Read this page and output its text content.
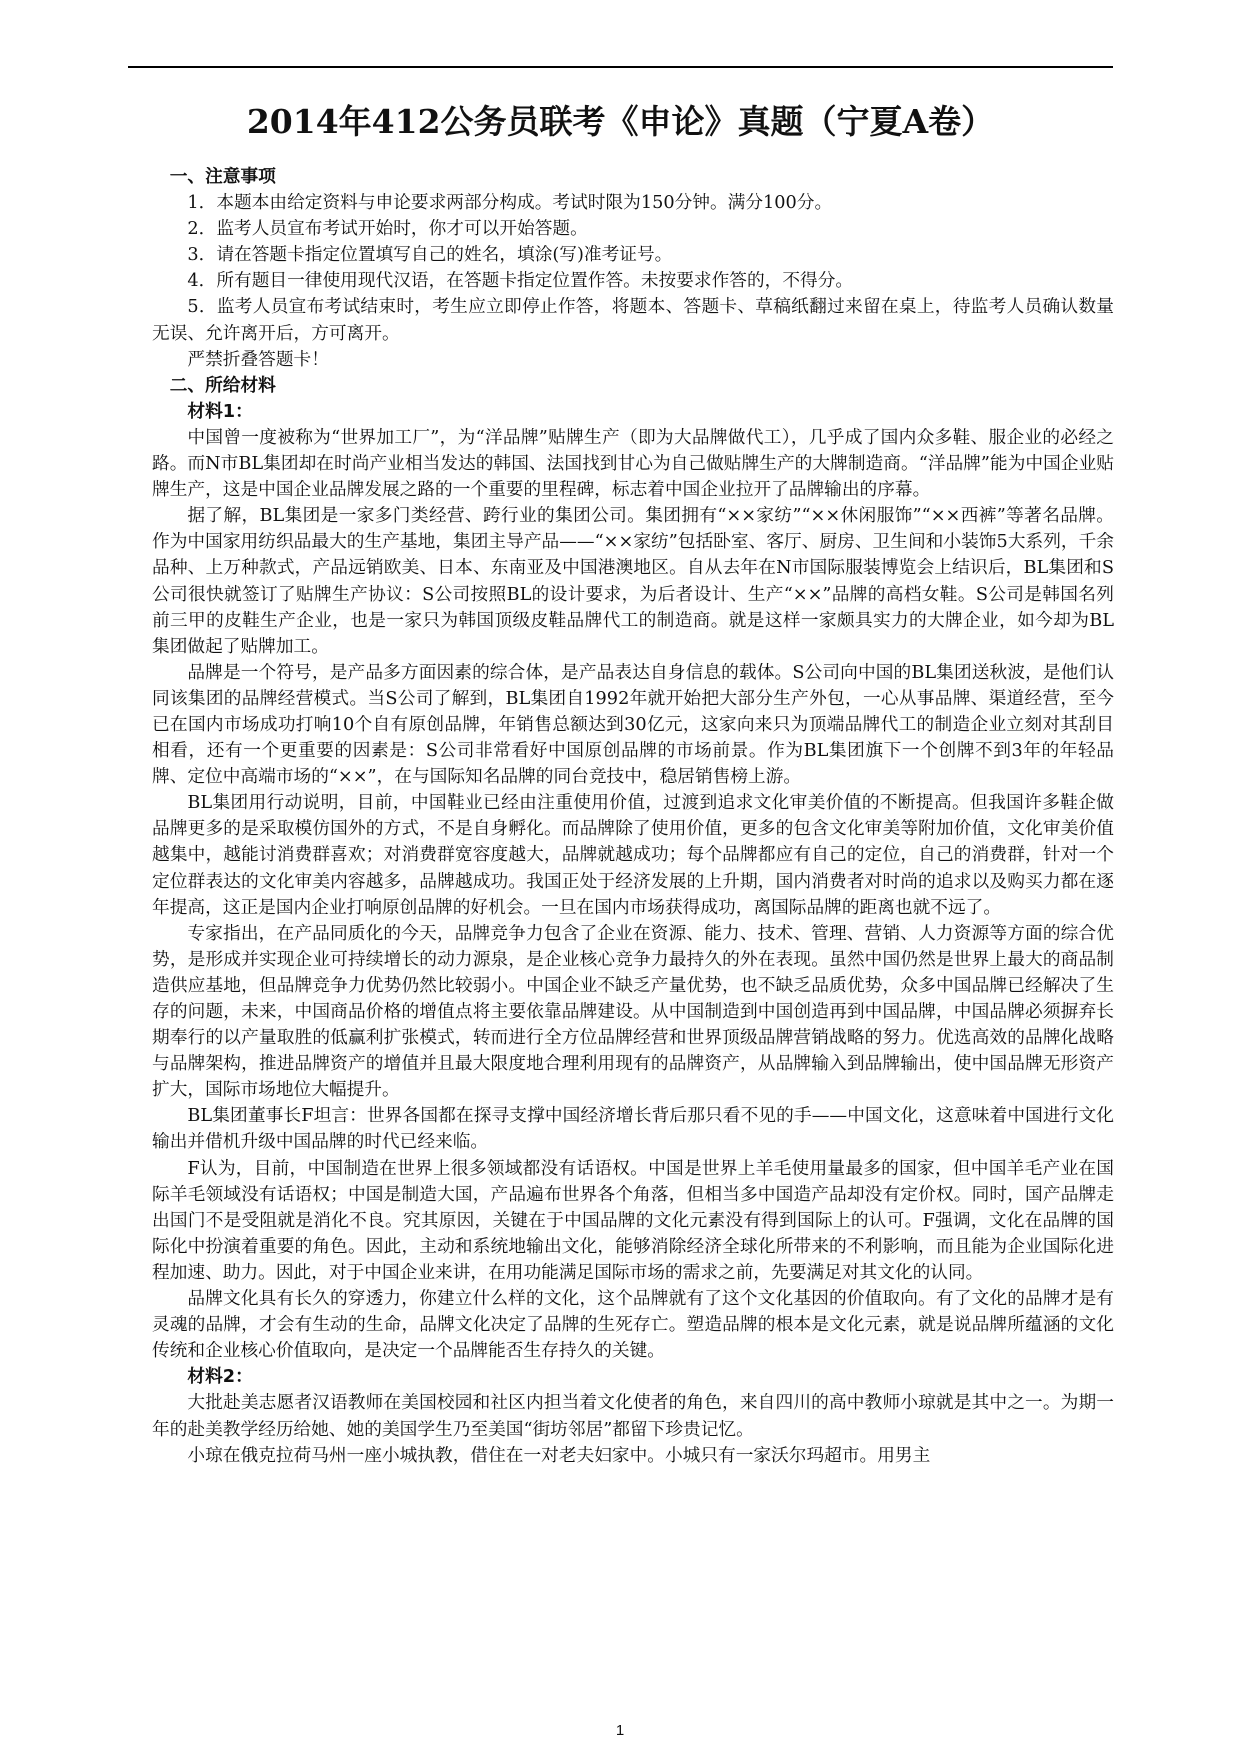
2014年412公务员联考《申论》真题（宁夏A卷）

一、注意事项

1．本题本由给定资料与申论要求两部分构成。考试时限为150分钟。满分100分。

2．监考人员宣布考试开始时，你才可以开始答题。

3．请在答题卡指定位置填写自己的姓名，填涂(写)准考证号。

4．所有题目一律使用现代汉语，在答题卡指定位置作答。未按要求作答的，不得分。

5．监考人员宣布考试结束时，考生应立即停止作答，将题本、答题卡、草稿纸翻过来留在桌上，待监考人员确认数量无误、允许离开后，方可离开。

严禁折叠答题卡！

二、所给材料

材料1：

中国曾一度被称为“世界加工厂”，为“洋品牌”贴牌生产（即为大品牌做代工），几乎成了国内众多鞋、服企业的必经之路。而N市BL集团却在时尚产业相当发达的韩国、法国找到甘心为自己做贴牌生产的大牌制造商。“洋品牌”能为中国企业贴牌生产，这是中国企业品牌发展之路的一个重要的里程碑，标志着中国企业拉开了品牌输出的序幕。

据了解，BL集团是一家多门类经营、跨行业的集团公司。集团拥有“××家纺”“××休闲服饰”“××西裤”等著名品牌。作为中国家用纺织品最大的生产基地，集团主导产品——“××家纺”包括卧室、客厅、厨房、卫生间和小装饰5大系列，千余品种、上万种款式，产品远销欧美、日本、东南亚及中国港澳地区。自从去年在N市国际服装博览会上结识后，BL集团和S公司很快就签订了贴牌生产协议：S公司按照BL的设计要求，为后者设计、生产“××”品牌的高档女鞋。S公司是韩国名列前三甲的皮鞋生产企业，也是一家只为韩国顶级皮鞋品牌代工的制造商。就是这样一家颇具实力的大牌企业，如今却为BL集团做起了贴牌加工。

品牌是一个符号，是产品多方面因素的综合体，是产品表达自身信息的载体。S公司向中国的BL集团送秋波，是他们认同该集团的品牌经营模式。当S公司了解到，BL集团自1992年就开始把大部分生产外包，一心从事品牌、渠道经营，至今已在国内市场成功打响10个自有原创品牌，年销售总额达到30亿元，这家向来只为顶端品牌代工的制造企业立刻对其刮目相看，还有一个更重要的因素是：S公司非常看好中国原创品牌的市场前景。作为BL集团旗下一个创牌不到3年的年轻品牌、定位中高端市场的“××”，在与国际知名品牌的同台竞技中，稳居销售榜上游。

BL集团用行动说明，目前，中国鞋业已经由注重使用价值，过渡到追求文化审美价值的不断提高。但我国许多鞋企做品牌更多的是采取模仿国外的方式，不是自身孵化。而品牌除了使用价值，更多的包含文化审美等附加价值，文化审美价值越集中，越能讨消费群喜欢；对消费群宽容度越大，品牌就越成功；每个品牌都应有自己的定位，自己的消费群，针对一个定位群表达的文化审美内容越多，品牌越成功。我国正处于经济发展的上升期，国内消费者对时尚的追求以及购买力都在逐年提高，这正是国内企业打响原创品牌的好机会。一旦在国内市场获得成功，离国际品牌的距离也就不远了。

专家指出，在产品同质化的今天，品牌竞争力包含了企业在资源、能力、技术、管理、营销、人力资源等方面的综合优势，是形成并实现企业可持续增长的动力源泉，是企业核心竞争力最持久的外在表现。虽然中国仍然是世界上最大的商品制造供应基地，但品牌竞争力优势仍然比较弱小。中国企业不缺乏产量优势，也不缺乏品质优势，众多中国品牌已经解决了生存的问题，未来，中国商品价格的增值点将主要依靠品牌建设。从中国制造到中国创造再到中国品牌，中国品牌必须摒弃长期奉行的以产量取胜的低赢利扩张模式，转而进行全方位品牌经营和世界顶级品牌营销战略的努力。优选高效的品牌化战略与品牌架构，推进品牌资产的增值并且最大限度地合理利用现有的品牌资产，从品牌输入到品牌输出，使中国品牌无形资产扩大，国际市场地位大幅提升。

BL集团董事长F坦言：世界各国都在探寻支撑中国经济增长背后那只看不见的手——中国文化，这意味着中国进行文化输出并借机升级中国品牌的时代已经来临。

F认为，目前，中国制造在世界上很多领域都没有话语权。中国是世界上羊毛使用量最多的国家，但中国羊毛产业在国际羊毛领域没有话语权；中国是制造大国，产品遍布世界各个角落，但相当多中国造产品却没有定价权。同时，国产品牌走出国门不是受阻就是消化不良。究其原因，关键在于中国品牌的文化元素没有得到国际上的认可。F强调，文化在品牌的国际化中扮演着重要的角色。因此，主动和系统地输出文化，能够消除经济全球化所带来的不利影响，而且能为企业国际化进程加速、助力。因此，对于中国企业来讲，在用功能满足国际市场的需求之前，先要满足对其文化的认同。

品牌文化具有长久的穿透力，你建立什么样的文化，这个品牌就有了这个文化基因的价值取向。有了文化的品牌才是有灵魂的品牌，才会有生动的生命，品牌文化决定了品牌的生死存亡。塑造品牌的根本是文化元素，就是说品牌所蕴涵的文化传统和企业核心价值取向，是决定一个品牌能否生存持久的关键。

材料2：

大批赴美志愿者汉语教师在美国校园和社区内担当着文化使者的角色，来自四川的高中教师小琼就是其中之一。为期一年的赴美教学经历给她、她的美国学生乃至美国“街坊邻居”都留下珍贵记忆。

小琼在俄克拉荷马州一座小城执教，借住在一对老夫妇家中。小城只有一家沃尔玛超市。用男主

1
